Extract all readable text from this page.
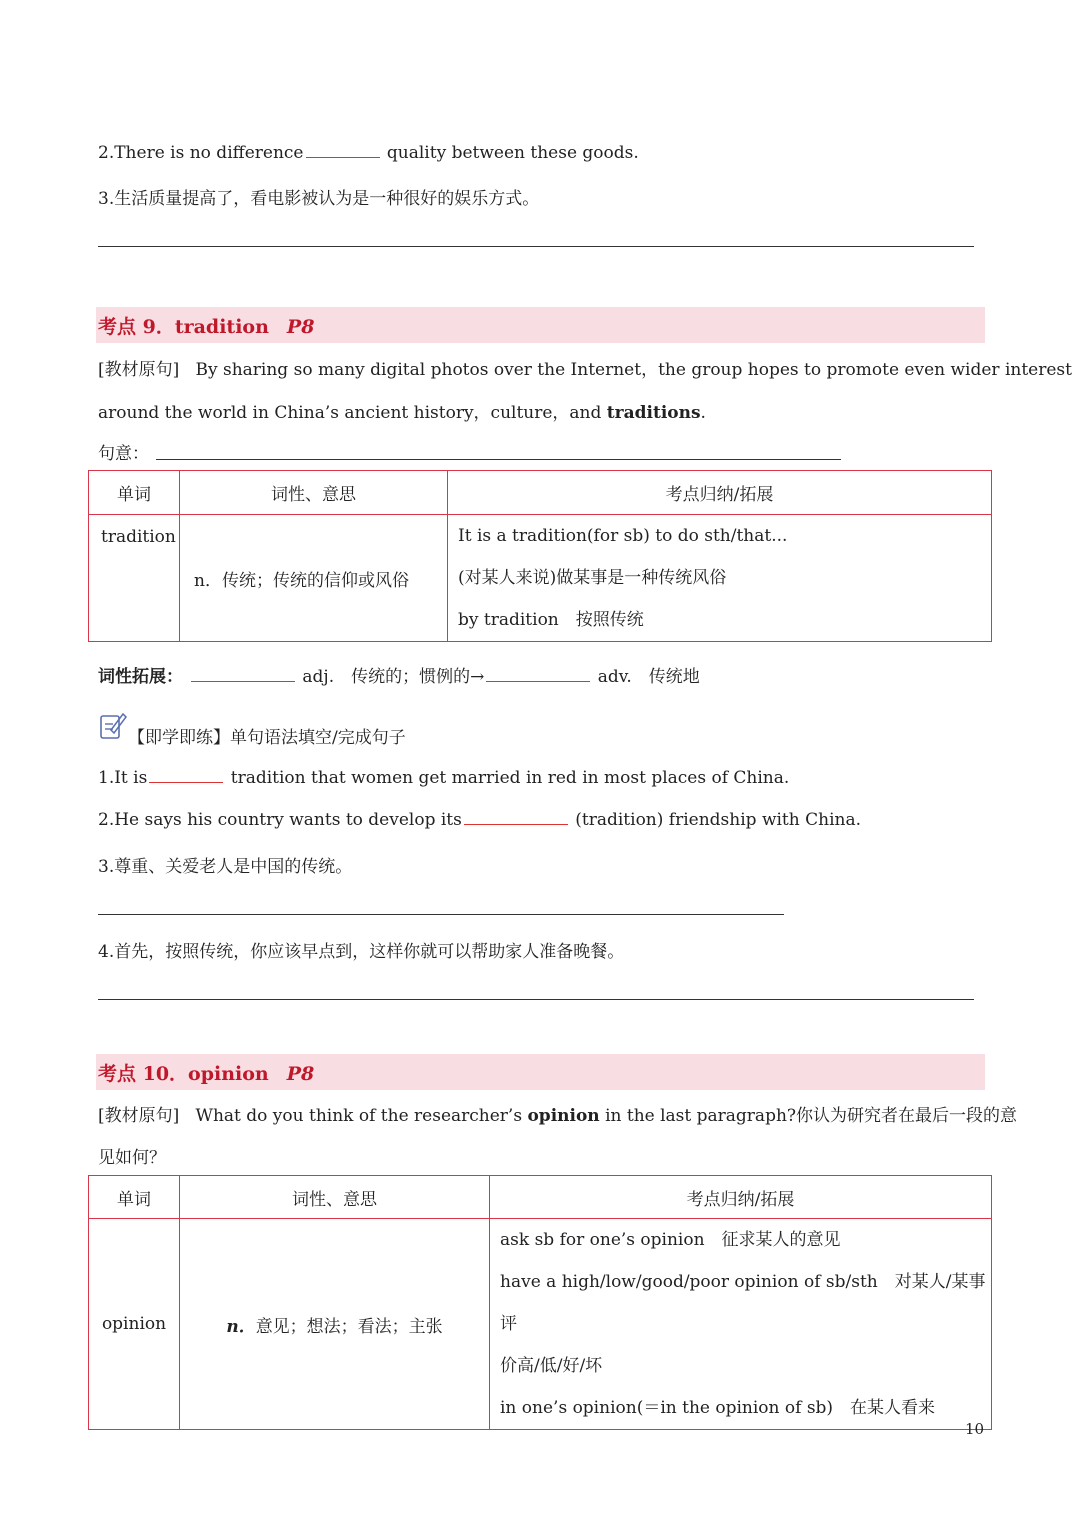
2.There is no difference	quality between these goods.
3.生活质量提高了，看电影被认为是一种很好的娱乐方式。
考点 9．tradition P8
[教材原句] By sharing so many digital photos over the Internet，the group hopes to promote even wider interest
around the world in China’s ancient history，culture，and traditions.
句意：
单词	词性、意思	考点归纳/拓展
tradition	n．传统；传统的信仰或风俗	It is a tradition(for sb) to do sth/that...
(对某人来说)做某事是一种传统风俗
by tradition　按照传统
词性拓展：	adj.　传统的；惯例的→	adv.　传统地
【即学即练】单句语法填空/完成句子
1.It is	tradition that women get married in red in most places of China.
2.He says his country wants to develop its	(tradition) friendship with China.
3.尊重、关爱老人是中国的传统。
4.首先，按照传统，你应该早点到，这样你就可以帮助家人准备晚餐。
考点 10．opinion P8
[教材原句] What do you think of the researcher’s opinion in the last paragraph?你认为研究者在最后一段的意
见如何？
单词	词性、意思	考点归纳/拓展
opinion	n．意见；想法；看法；主张	ask sb for one’s opinion　征求某人的意见
have a high/low/good/poor opinion of sb/sth　对某人/某事评
价高/低/好/坏
in one’s opinion(＝in the opinion of sb)　在某人看来
10
